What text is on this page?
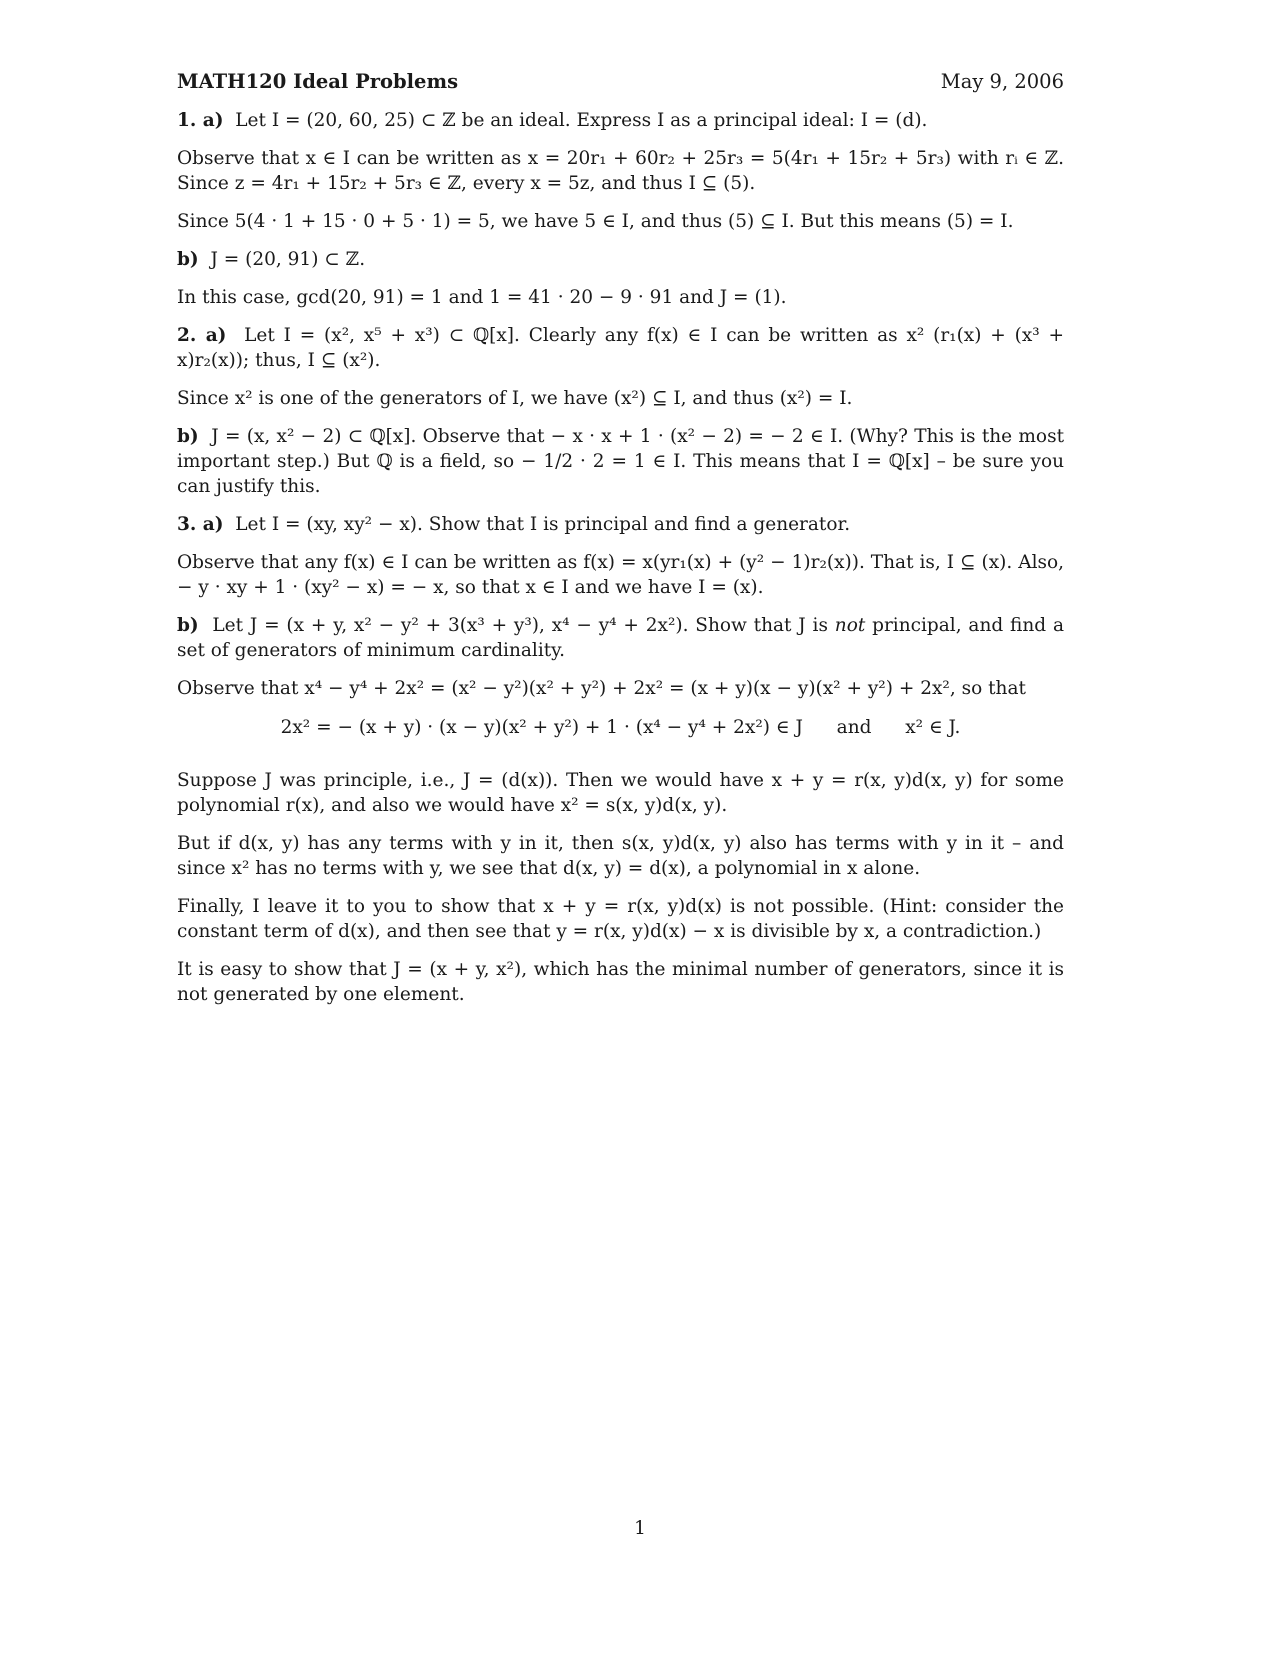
MATH120 Ideal Problems	May 9, 2006

1. a) Let I = (20, 60, 25) ⊂ ℤ be an ideal. Express I as a principal ideal: I = (d).

Observe that x ∈ I can be written as x = 20r₁ + 60r₂ + 25r₃ = 5(4r₁ + 15r₂ + 5r₃) with rᵢ ∈ ℤ. Since z = 4r₁ + 15r₂ + 5r₃ ∈ ℤ, every x = 5z, and thus I ⊆ (5).

Since 5(4 · 1 + 15 · 0 + 5 · 1) = 5, we have 5 ∈ I, and thus (5) ⊆ I. But this means (5) = I.

b) J = (20, 91) ⊂ ℤ.

In this case, gcd(20, 91) = 1 and 1 = 41 · 20 − 9 · 91 and J = (1).

2. a) Let I = (x², x⁵ + x³) ⊂ ℚ[x]. Clearly any f(x) ∈ I can be written as x² (r₁(x) + (x³ + x)r₂(x)); thus, I ⊆ (x²).

Since x² is one of the generators of I, we have (x²) ⊆ I, and thus (x²) = I.

b) J = (x, x² − 2) ⊂ ℚ[x]. Observe that − x · x + 1 · (x² − 2) = − 2 ∈ I. (Why? This is the most important step.) But ℚ is a field, so − 1/2 · 2 = 1 ∈ I. This means that I = ℚ[x] – be sure you can justify this.

3. a) Let I = (xy, xy² − x). Show that I is principal and find a generator.

Observe that any f(x) ∈ I can be written as f(x) = x(yr₁(x) + (y² − 1)r₂(x)). That is, I ⊆ (x). Also, − y · xy + 1 · (xy² − x) = − x, so that x ∈ I and we have I = (x).

b) Let J = (x + y, x² − y² + 3(x³ + y³), x⁴ − y⁴ + 2x²). Show that J is not principal, and find a set of generators of minimum cardinality.

Observe that x⁴ − y⁴ + 2x² = (x² − y²)(x² + y²) + 2x² = (x + y)(x − y)(x² + y²) + 2x², so that

2x² = − (x + y) · (x − y)(x² + y²) + 1 · (x⁴ − y⁴ + 2x²) ∈ J and x² ∈ J.

Suppose J was principle, i.e., J = (d(x)). Then we would have x + y = r(x, y)d(x, y) for some polynomial r(x), and also we would have x² = s(x, y)d(x, y).

But if d(x, y) has any terms with y in it, then s(x, y)d(x, y) also has terms with y in it – and since x² has no terms with y, we see that d(x, y) = d(x), a polynomial in x alone.

Finally, I leave it to you to show that x + y = r(x, y)d(x) is not possible. (Hint: consider the constant term of d(x), and then see that y = r(x, y)d(x) − x is divisible by x, a contradiction.)

It is easy to show that J = (x + y, x²), which has the minimal number of generators, since it is not generated by one element.

1
